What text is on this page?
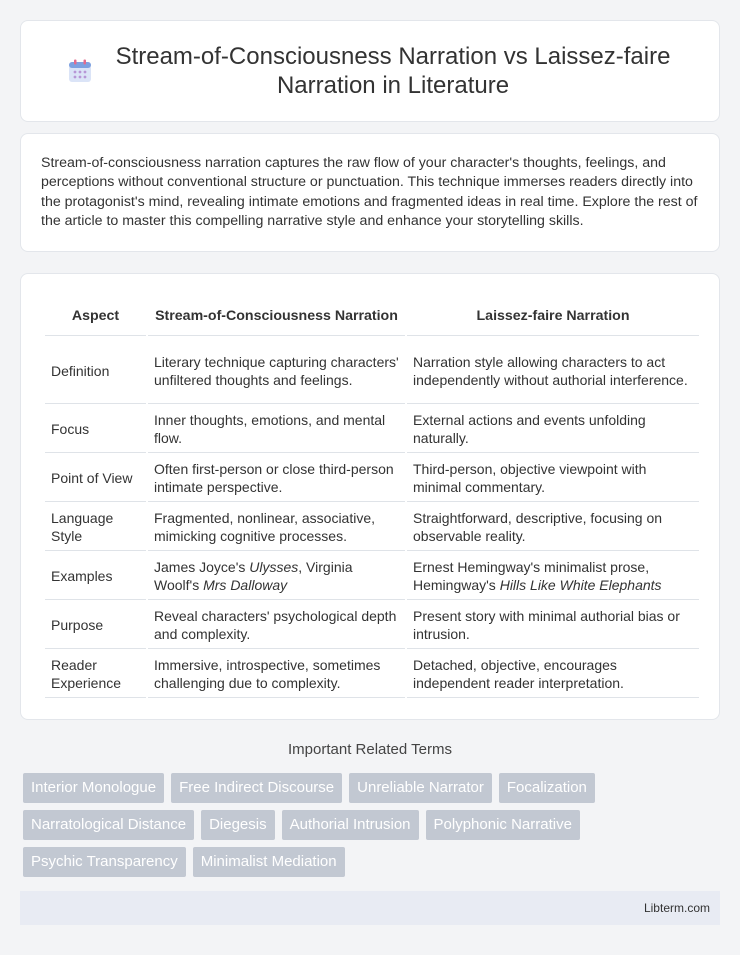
Stream-of-Consciousness Narration vs Laissez-faire Narration in Literature

Stream-of-consciousness narration captures the raw flow of your character's thoughts, feelings, and perceptions without conventional structure or punctuation. This technique immerses readers directly into the protagonist's mind, revealing intimate emotions and fragmented ideas in real time. Explore the rest of the article to master this compelling narrative style and enhance your storytelling skills.

Aspect	Stream-of-Consciousness Narration	Laissez-faire Narration
Definition	Literary technique capturing characters' unfiltered thoughts and feelings.	Narration style allowing characters to act independently without authorial interference.
Focus	Inner thoughts, emotions, and mental flow.	External actions and events unfolding naturally.
Point of View	Often first-person or close third-person intimate perspective.	Third-person, objective viewpoint with minimal commentary.
Language Style	Fragmented, nonlinear, associative, mimicking cognitive processes.	Straightforward, descriptive, focusing on observable reality.
Examples	James Joyce's Ulysses, Virginia Woolf's Mrs Dalloway	Ernest Hemingway's minimalist prose, Hemingway's Hills Like White Elephants
Purpose	Reveal characters' psychological depth and complexity.	Present story with minimal authorial bias or intrusion.
Reader Experience	Immersive, introspective, sometimes challenging due to complexity.	Detached, objective, encourages independent reader interpretation.
Important Related Terms
Interior Monologue	Free Indirect Discourse	Unreliable Narrator	Focalization
Narratological Distance	Diegesis	Authorial Intrusion	Polyphonic Narrative
Psychic Transparency	Minimalist Mediation
Libterm.com
